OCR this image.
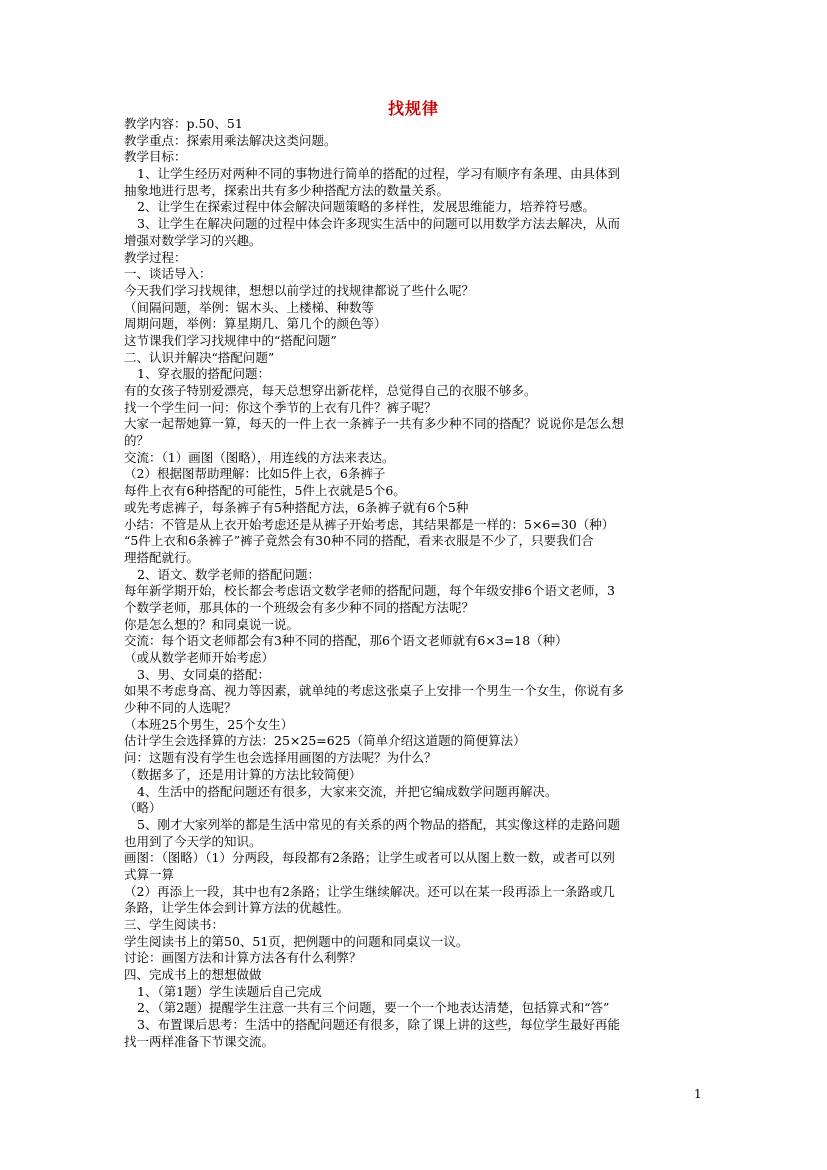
找规律
教学内容：p.50、51
教学重点：探索用乘法解决这类问题。
教学目标：
1、让学生经历对两种不同的事物进行简单的搭配的过程，学习有顺序有条理、由具体到
抽象地进行思考，探索出共有多少种搭配方法的数量关系。
2、让学生在探索过程中体会解决问题策略的多样性，发展思维能力，培养符号感。
3、让学生在解决问题的过程中体会许多现实生活中的问题可以用数学方法去解决，从而
增强对数学学习的兴趣。
教学过程：
一、谈话导入：
今天我们学习找规律，想想以前学过的找规律都说了些什么呢？
（间隔问题，举例：锯木头、上楼梯、种数等
周期问题，举例：算星期几、第几个的颜色等）
这节课我们学习找规律中的“搭配问题”
二、认识并解决“搭配问题”
1、穿衣服的搭配问题：
有的女孩子特别爱漂亮，每天总想穿出新花样，总觉得自己的衣服不够多。
找一个学生问一问：你这个季节的上衣有几件？裤子呢？
大家一起帮她算一算，每天的一件上衣一条裤子一共有多少种不同的搭配？说说你是怎么想
的？
交流：（1）画图（图略），用连线的方法来表达。
（2）根据图帮助理解：比如5件上衣，6条裤子
每件上衣有6种搭配的可能性，5件上衣就是5个6。
或先考虑裤子，每条裤子有5种搭配方法，6条裤子就有6个5种
小结：不管是从上衣开始考虑还是从裤子开始考虑，其结果都是一样的：5×6=30（种）
“5件上衣和6条裤子”裤子竟然会有30种不同的搭配，看来衣服是不少了，只要我们合
理搭配就行。
2、语文、数学老师的搭配问题：
每年新学期开始，校长都会考虑语文数学老师的搭配问题，每个年级安排6个语文老师，3
个数学老师，那具体的一个班级会有多少种不同的搭配方法呢？
你是怎么想的？和同桌说一说。
交流：每个语文老师都会有3种不同的搭配，那6个语文老师就有6×3=18（种）
（或从数学老师开始考虑）
3、男、女同桌的搭配：
如果不考虑身高、视力等因素，就单纯的考虑这张桌子上安排一个男生一个女生，你说有多
少种不同的人选呢？
（本班25个男生，25个女生）
估计学生会选择算的方法：25×25=625（简单介绍这道题的简便算法）
问：这题有没有学生也会选择用画图的方法呢？为什么？
（数据多了，还是用计算的方法比较简便）
4、生活中的搭配问题还有很多，大家来交流，并把它编成数学问题再解决。
（略）
5、刚才大家列举的都是生活中常见的有关系的两个物品的搭配，其实像这样的走路问题
也用到了今天学的知识。
画图：（图略）（1）分两段，每段都有2条路；让学生或者可以从图上数一数，或者可以列
式算一算
（2）再添上一段，其中也有2条路；让学生继续解决。还可以在某一段再添上一条路或几
条路，让学生体会到计算方法的优越性。
三、学生阅读书：
学生阅读书上的第50、51页，把例题中的问题和同桌议一议。
讨论：画图方法和计算方法各有什么利弊？
四、完成书上的想想做做
1、（第1题）学生读题后自己完成
2、（第2题）提醒学生注意一共有三个问题，要一个一个地表达清楚，包括算式和“答”
3、布置课后思考：生活中的搭配问题还有很多，除了课上讲的这些，每位学生最好再能
找一两样准备下节课交流。
1
